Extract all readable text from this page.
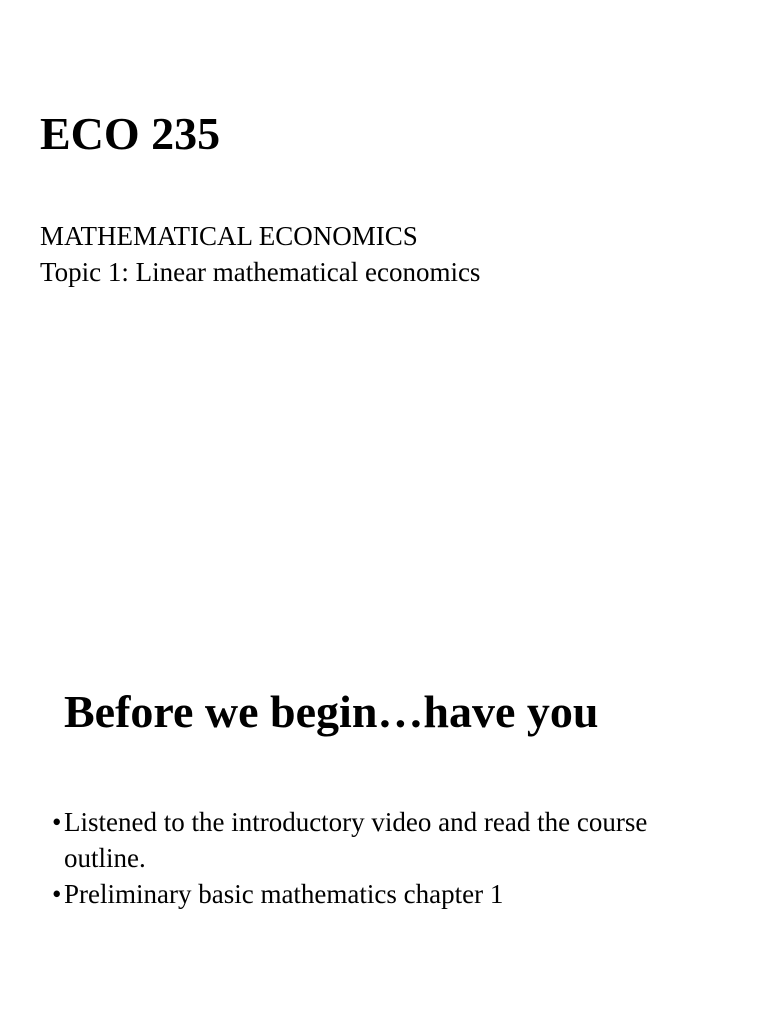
ECO 235
MATHEMATICAL ECONOMICS
Topic 1: Linear mathematical economics
Before we begin…have you
• Listened to the introductory video and read the course outline.
• Preliminary basic mathematics chapter 1
